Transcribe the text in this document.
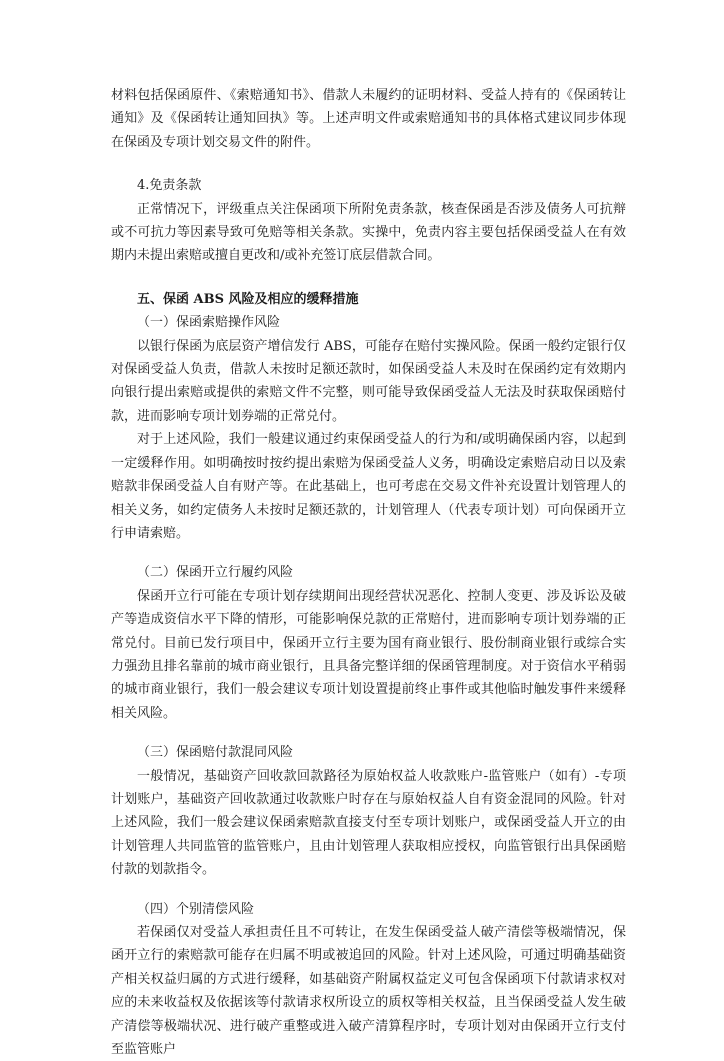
材料包括保函原件、《索赔通知书》、借款人未履约的证明材料、受益人持有的《保函转让通知》及《保函转让通知回执》等。上述声明文件或索赔通知书的具体格式建议同步体现在保函及专项计划交易文件的附件。

4.免责条款

正常情况下，评级重点关注保函项下所附免责条款，核查保函是否涉及债务人可抗辩或不可抗力等因素导致可免赔等相关条款。实操中，免责内容主要包括保函受益人在有效期内未提出索赔或擅自更改和/或补充签订底层借款合同。

五、保函 ABS 风险及相应的缓释措施

（一）保函索赔操作风险

以银行保函为底层资产增信发行 ABS，可能存在赔付实操风险。保函一般约定银行仅对保函受益人负责，借款人未按时足额还款时，如保函受益人未及时在保函约定有效期内向银行提出索赔或提供的索赔文件不完整，则可能导致保函受益人无法及时获取保函赔付款，进而影响专项计划券端的正常兑付。

对于上述风险，我们一般建议通过约束保函受益人的行为和/或明确保函内容，以起到一定缓释作用。如明确按时按约提出索赔为保函受益人义务，明确设定索赔启动日以及索赔款非保函受益人自有财产等。在此基础上，也可考虑在交易文件补充设置计划管理人的相关义务，如约定债务人未按时足额还款的，计划管理人（代表专项计划）可向保函开立行申请索赔。

（二）保函开立行履约风险

保函开立行可能在专项计划存续期间出现经营状况恶化、控制人变更、涉及诉讼及破产等造成资信水平下降的情形，可能影响保兑款的正常赔付，进而影响专项计划券端的正常兑付。目前已发行项目中，保函开立行主要为国有商业银行、股份制商业银行或综合实力强劲且排名靠前的城市商业银行，且具备完整详细的保函管理制度。对于资信水平稍弱的城市商业银行，我们一般会建议专项计划设置提前终止事件或其他临时触发事件来缓释相关风险。

（三）保函赔付款混同风险

一般情况，基础资产回收款回款路径为原始权益人收款账户-监管账户（如有）-专项计划账户，基础资产回收款通过收款账户时存在与原始权益人自有资金混同的风险。针对上述风险，我们一般会建议保函索赔款直接支付至专项计划账户，或保函受益人开立的由计划管理人共同监管的监管账户，且由计划管理人获取相应授权，向监管银行出具保函赔付款的划款指令。

（四）个别清偿风险

若保函仅对受益人承担责任且不可转让，在发生保函受益人破产清偿等极端情况，保函开立行的索赔款可能存在归属不明或被追回的风险。针对上述风险，可通过明确基础资产相关权益归属的方式进行缓释，如基础资产附属权益定义可包含保函项下付款请求权对应的未来收益权及依据该等付款请求权所设立的质权等相关权益，且当保函受益人发生破产清偿等极端状况、进行破产重整或进入破产清算程序时，专项计划对由保函开立行支付至监管账户
